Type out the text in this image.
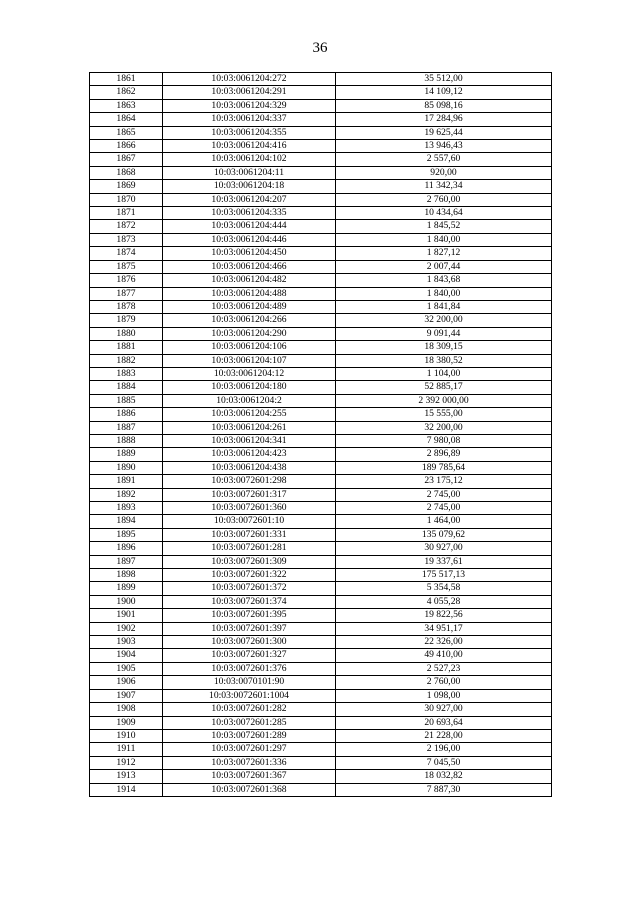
36
1861	10:03:0061204:272	35 512,00
1862	10:03:0061204:291	14 109,12
1863	10:03:0061204:329	85 098,16
1864	10:03:0061204:337	17 284,96
1865	10:03:0061204:355	19 625,44
1866	10:03:0061204:416	13 946,43
1867	10:03:0061204:102	2 557,60
1868	10:03:0061204:11	920,00
1869	10:03:0061204:18	11 342,34
1870	10:03:0061204:207	2 760,00
1871	10:03:0061204:335	10 434,64
1872	10:03:0061204:444	1 845,52
1873	10:03:0061204:446	1 840,00
1874	10:03:0061204:450	1 827,12
1875	10:03:0061204:466	2 007,44
1876	10:03:0061204:482	1 843,68
1877	10:03:0061204:488	1 840,00
1878	10:03:0061204:489	1 841,84
1879	10:03:0061204:266	32 200,00
1880	10:03:0061204:290	9 091,44
1881	10:03:0061204:106	18 309,15
1882	10:03:0061204:107	18 380,52
1883	10:03:0061204:12	1 104,00
1884	10:03:0061204:180	52 885,17
1885	10:03:0061204:2	2 392 000,00
1886	10:03:0061204:255	15 555,00
1887	10:03:0061204:261	32 200,00
1888	10:03:0061204:341	7 980,08
1889	10:03:0061204:423	2 896,89
1890	10:03:0061204:438	189 785,64
1891	10:03:0072601:298	23 175,12
1892	10:03:0072601:317	2 745,00
1893	10:03:0072601:360	2 745,00
1894	10:03:0072601:10	1 464,00
1895	10:03:0072601:331	135 079,62
1896	10:03:0072601:281	30 927,00
1897	10:03:0072601:309	19 337,61
1898	10:03:0072601:322	175 517,13
1899	10:03:0072601:372	5 354,58
1900	10:03:0072601:374	4 055,28
1901	10:03:0072601:395	19 822,56
1902	10:03:0072601:397	34 951,17
1903	10:03:0072601:300	22 326,00
1904	10:03:0072601:327	49 410,00
1905	10:03:0072601:376	2 527,23
1906	10:03:0070101:90	2 760,00
1907	10:03:0072601:1004	1 098,00
1908	10:03:0072601:282	30 927,00
1909	10:03:0072601:285	20 693,64
1910	10:03:0072601:289	21 228,00
1911	10:03:0072601:297	2 196,00
1912	10:03:0072601:336	7 045,50
1913	10:03:0072601:367	18 032,82
1914	10:03:0072601:368	7 887,30
